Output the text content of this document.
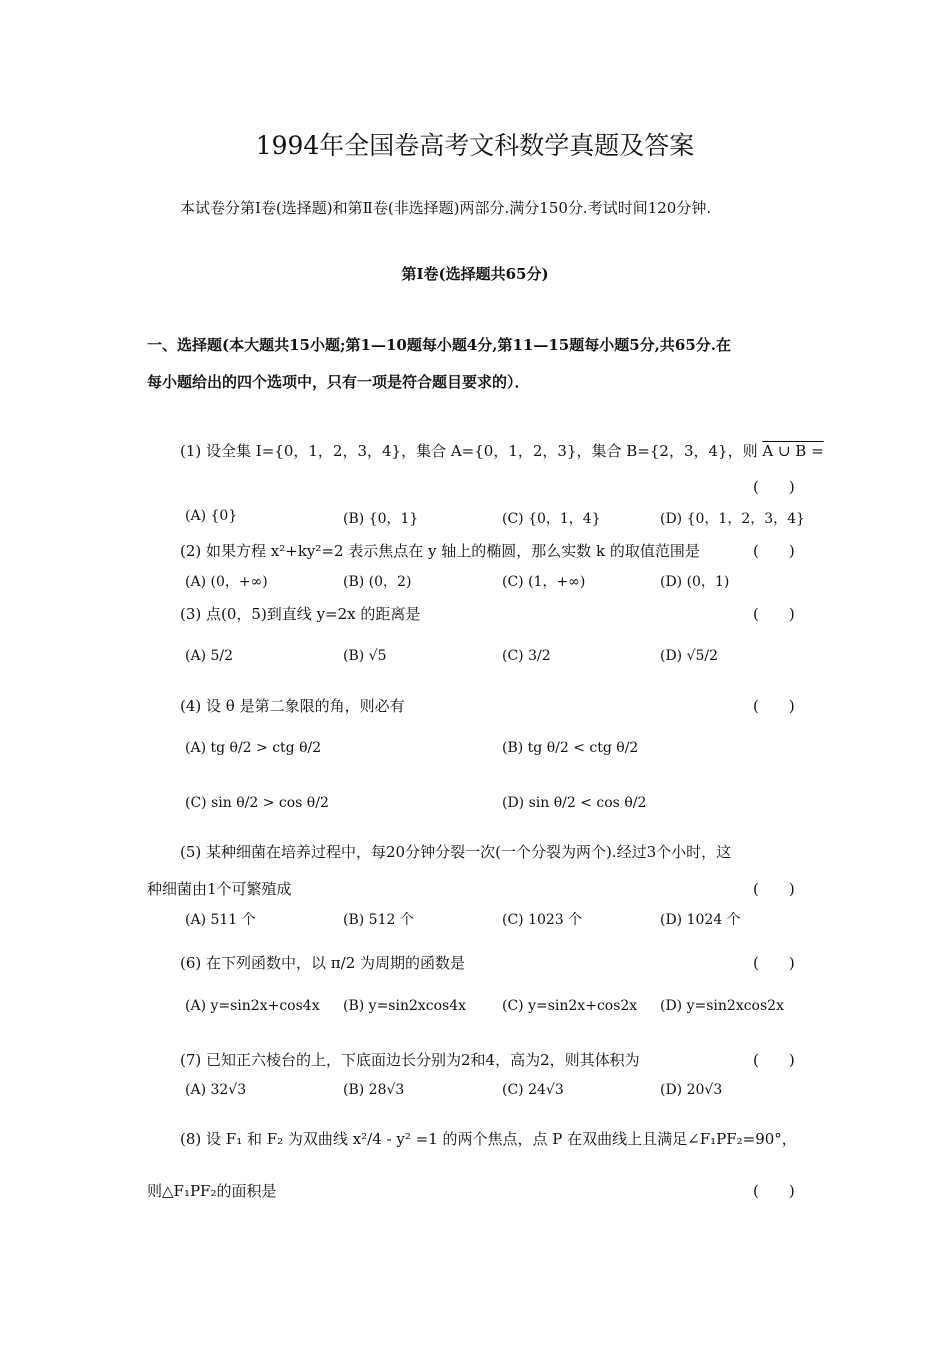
1994年全国卷高考文科数学真题及答案
本试卷分第Ⅰ卷(选择题)和第Ⅱ卷(非选择题)两部分.满分150分.考试时间120分钟.
第Ⅰ卷(选择题共65分)
一、选择题(本大题共15小题;第1—10题每小题4分,第11—15题每小题5分,共65分.在
每小题给出的四个选项中，只有一项是符合题目要求的）．
(1) 设全集 I={0，1，2，3，4}，集合 A={0，1，2，3}，集合 B={2，3，4}，则 A ∪ B =
(　　)
(A) {0}	(B) {0，1}	(C) {0，1，4}	(D) {0，1，2，3，4}
(2) 如果方程 x²+ky²=2 表示焦点在 y 轴上的椭圆，那么实数 k 的取值范围是	(　　)
(A) (0，+∞)	(B) (0，2)	(C) (1，+∞)	(D) (0，1)
(3) 点(0，5)到直线 y=2x 的距离是	(　　)
(A) 5/2	(B) √5	(C) 3/2	(D) √5/2
(4) 设 θ 是第二象限的角，则必有	(　　)
(A) tg θ/2 > ctg θ/2	(B) tg θ/2 < ctg θ/2
(C) sin θ/2 > cos θ/2	(D) sin θ/2 < cos θ/2
(5) 某种细菌在培养过程中，每20分钟分裂一次(一个分裂为两个).经过3个小时，这
种细菌由1个可繁殖成	(　　)
(A) 511 个	(B) 512 个	(C) 1023 个	(D) 1024 个
(6) 在下列函数中，以 π/2 为周期的函数是	(　　)
(A) y=sin2x+cos4x (B) y=sin2xcos4x	(C) y=sin2x+cos2x (D) y=sin2xcos2x
(7) 已知正六棱台的上，下底面边长分别为2和4，高为2，则其体积为	(　　)
(A) 32√3	(B) 28√3	(C) 24√3	(D) 20√3
(8) 设 F₁ 和 F₂ 为双曲线 x²/4 - y² =1 的两个焦点，点 P 在双曲线上且满足∠F₁PF₂=90°，
则△F₁PF₂的面积是	(　　)
